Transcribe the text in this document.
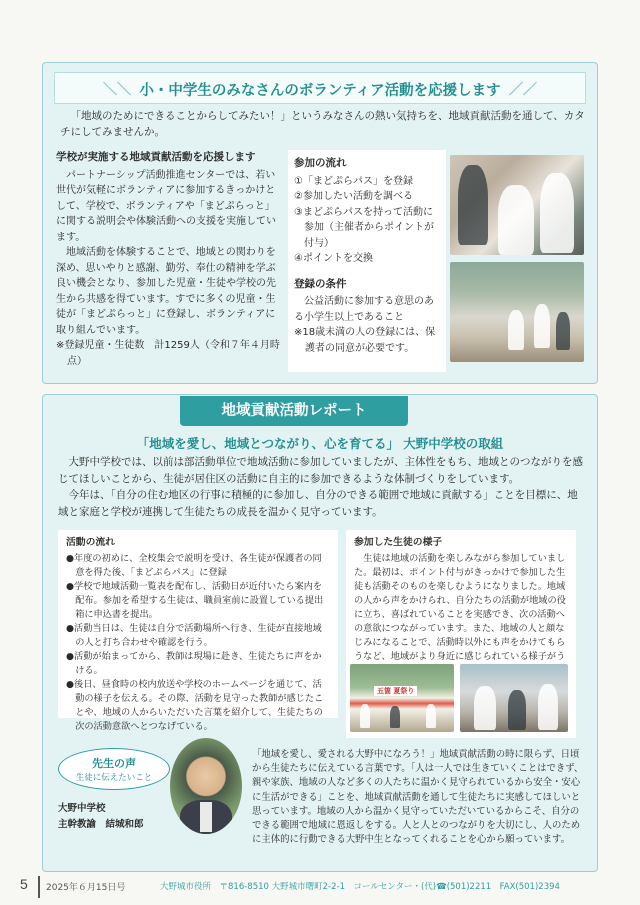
＼＼ 小・中学生のみなさんのボランティア活動を応援します ／／
「地域のためにできることからしてみたい！」というみなさんの熱い気持ちを、地域貢献活動を通して、カタチにしてみませんか。
学校が実施する地域貢献活動を応援します
パートナーシップ活動推進センターでは、若い世代が気軽にボランティアに参加するきっかけとして、学校で、ボランティアや「まどぷらっと」に関する説明会や体験活動への支援を実施しています。
地域活動を体験することで、地域との関わりを深め、思いやりと感謝、勤労、奉仕の精神を学ぶ良い機会となり、参加した児童・生徒や学校の先生から共感を得ています。すでに多くの児童・生徒が「まどぷらっと」に登録し、ボランティアに取り組んでいます。
※登録児童・生徒数　計1259人（令和７年４月時点）
参加の流れ
①「まどぷらパス」を登録
②参加したい活動を調べる
③まどぷらパスを持って活動に参加（主催者からポイントが付与）
④ポイントを交換
登録の条件
公益活動に参加する意思のある小学生以上であること
※18歳未満の人の登録には、保護者の同意が必要です。
地域貢献活動レポート
「地域を愛し、地域とつながり、心を育てる」 大野中学校の取組

大野中学校では、以前は部活動単位で地域活動に参加していましたが、主体性をもち、地域とのつながりを感じてほしいことから、生徒が居住区の活動に自主的に参加できるような体制づくりをしています。

今年は、「自分の住む地区の行事に積極的に参加し、自分のできる範囲で地域に貢献する」ことを目標に、地域と家庭と学校が連携して生徒たちの成長を温かく見守っています。

活動の流れ
●年度の初めに、全校集会で説明を受け、各生徒が保護者の同意を得た後、「まどぷらパス」に登録
●学校で地域活動一覧表を配布し、活動日が近付いたら案内を配布。参加を希望する生徒は、職員室前に設置している提出箱に申込書を提出。
●活動当日は、生徒は自分で活動場所へ行き、生徒が直接地域の人と打ち合わせや確認を行う。
●活動が始まってから、教師は現場に赴き、生徒たちに声をかける。
●後日、昼食時の校内放送や学校のホームページを通じて、活動の様子を伝える。その際、活動を見守った教師が感じたことや、地域の人からいただいた言葉を紹介して、生徒たちの次の活動意欲へとつなげている。
参加した生徒の様子
生徒は地域の活動を楽しみながら参加していました。最初は、ポイント付与がきっかけで参加した生徒も活動そのものを楽しむようになりました。地域の人から声をかけられ、自分たちの活動が地域の役に立ち、喜ばれていることを実感でき、次の活動への意欲につながっています。また、地域の人と顔なじみになることで、活動時以外にも声をかけてもらうなど、地域がより身近に感じられている様子がう
五箇 夏祭り
先生の声
生徒に伝えたいこと
大野中学校
主幹教諭　結城和郎
「地域を愛し、愛される大野中になろう！」地域貢献活動の時に限らず、日頃から生徒たちに伝えている言葉です。「人は一人では生きていくことはできず、親や家族、地域の人など多くの人たちに温かく見守られているから安全・安心に生活ができる」ことを、地域貢献活動を通して生徒たちに実感してほしいと思っています。地域の人から温かく見守っていただいているからこそ、自分のできる範囲で地域に恩返しをする。人と人とのつながりを大切にし、人のために主体的に行動できる大野中生となってくれることを心から願っています。
5 2025年６月15日号	大野城市役所　〒816-8510 大野城市曙町2-2-1　コールセンター・(代)☎(501)2211　FAX(501)2394
